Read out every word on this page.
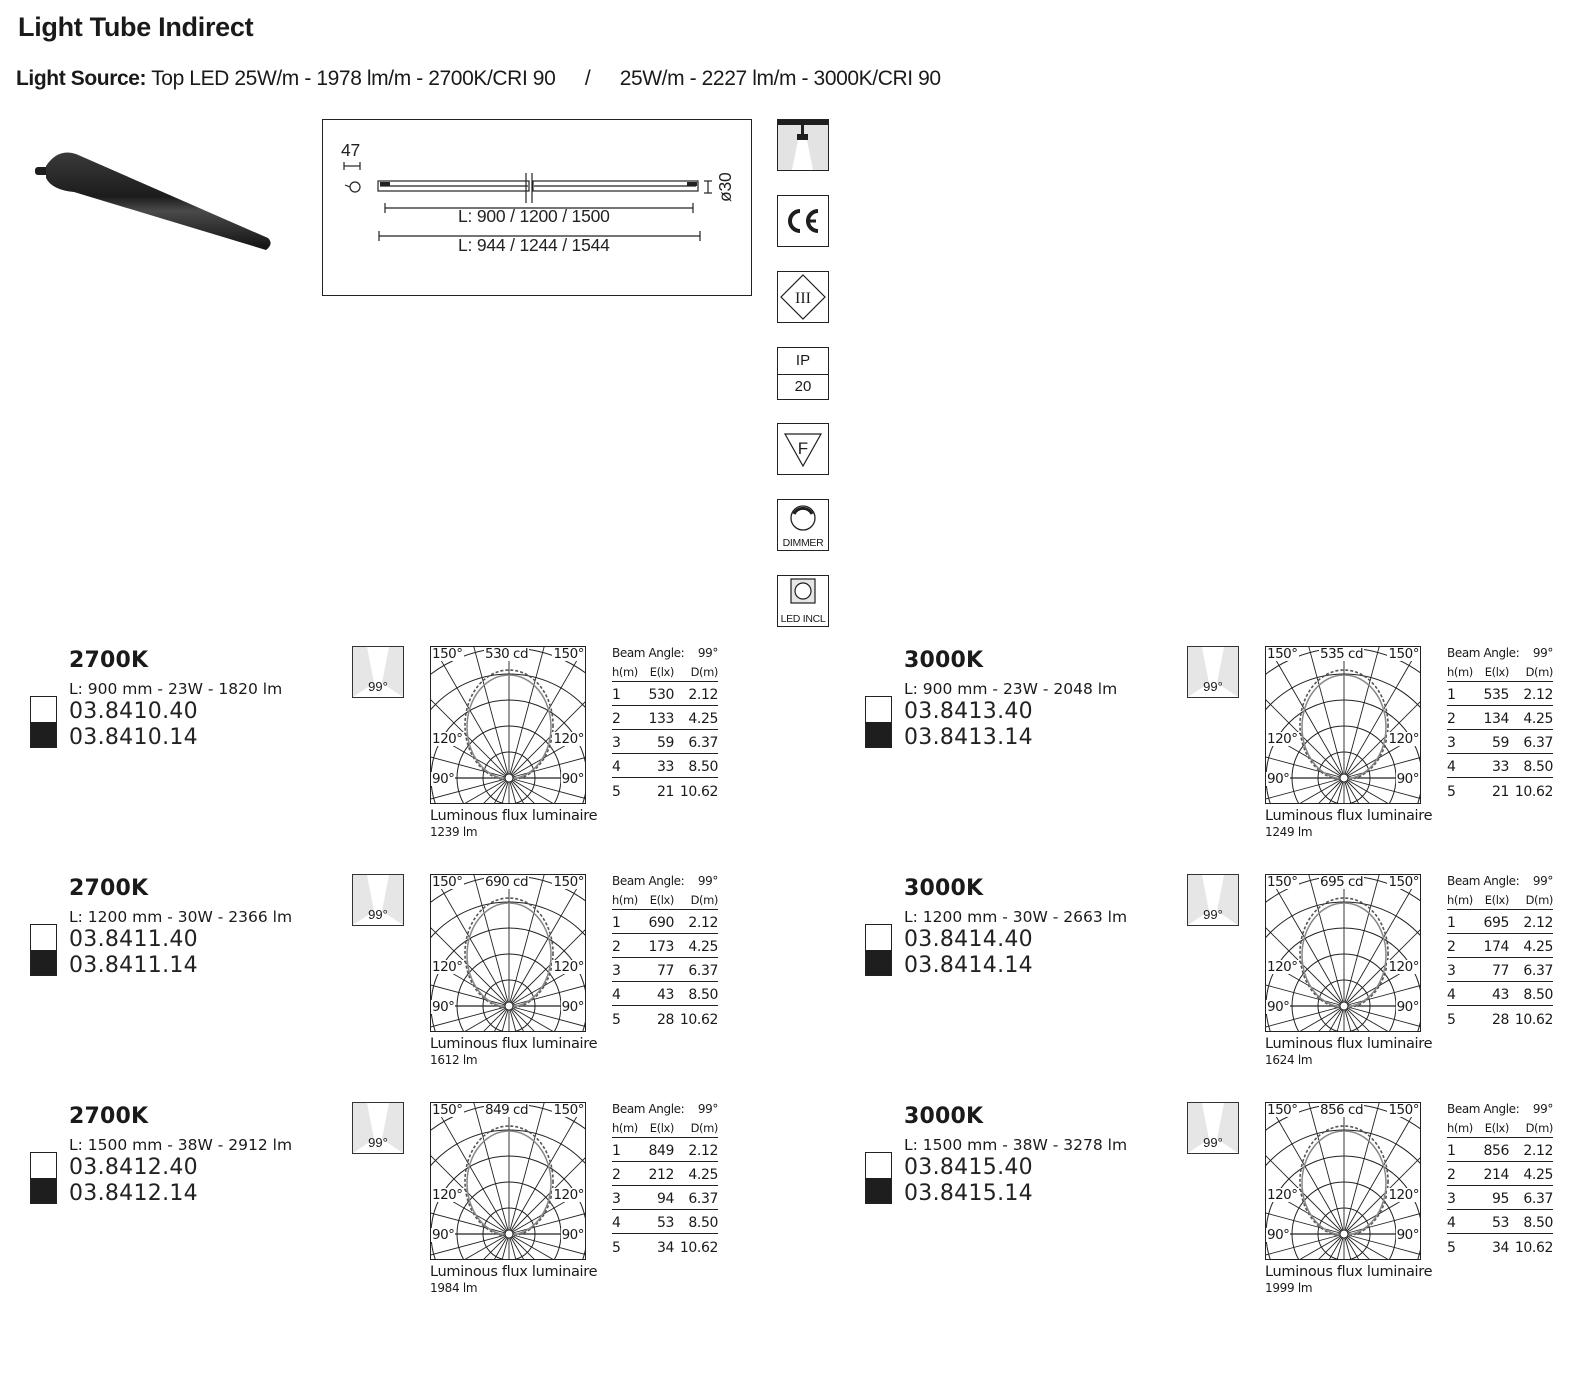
Light Tube Indirect
Light Source: Top LED 25W/m - 1978 lm/m - 2700K/CRI 90 / 25W/m - 2227 lm/m - 3000K/CRI 90
47
ø30
L: 900 / 1200 / 1500
L: 944 / 1244 / 1544
III
IP
20
F
DIMMER
LED INCL
2700K
L: 900 mm - 23W - 1820 lm
03.8410.40
03.8410.14
99°
150° 530 cd 150°
120°	120°
90°	90°
Luminous flux luminaire
1239 lm
Beam Angle: 99°
h(m) E(lx) D(m)
1 530 2.12
2 133 4.25
3	59 6.37
4	33 8.50
5	21 10.62
3000K
L: 900 mm - 23W - 2048 lm
03.8413.40
03.8413.14
99°
150° 535 cd 150°
120°	120°
90°	90°
Luminous flux luminaire
1249 lm
Beam Angle: 99°
h(m) E(lx) D(m)
1 535 2.12
2 134 4.25
3	59 6.37
4	33 8.50
5	21 10.62
2700K
L: 1200 mm - 30W - 2366 lm
03.8411.40
03.8411.14
99°
150° 690 cd 150°
120°	120°
90°	90°
Luminous flux luminaire
1612 lm
Beam Angle: 99°
h(m) E(lx) D(m)
1 690 2.12
2 173 4.25
3	77 6.37
4	43 8.50
5	28 10.62
3000K
L: 1200 mm - 30W - 2663 lm
03.8414.40
03.8414.14
99°
150° 695 cd 150°
120°	120°
90°	90°
Luminous flux luminaire
1624 lm
Beam Angle: 99°
h(m) E(lx) D(m)
1 695 2.12
2 174 4.25
3	77 6.37
4	43 8.50
5	28 10.62
2700K
L: 1500 mm - 38W - 2912 lm
03.8412.40
03.8412.14
99°
150° 849 cd 150°
120°	120°
90°	90°
Luminous flux luminaire
1984 lm
Beam Angle: 99°
h(m) E(lx) D(m)
1 849 2.12
2 212 4.25
3	94 6.37
4	53 8.50
5	34 10.62
3000K
L: 1500 mm - 38W - 3278 lm
03.8415.40
03.8415.14
99°
150° 856 cd 150°
120°	120°
90°	90°
Luminous flux luminaire
1999 lm
Beam Angle: 99°
h(m) E(lx) D(m)
1 856 2.12
2 214 4.25
3	95 6.37
4	53 8.50
5	34 10.62
